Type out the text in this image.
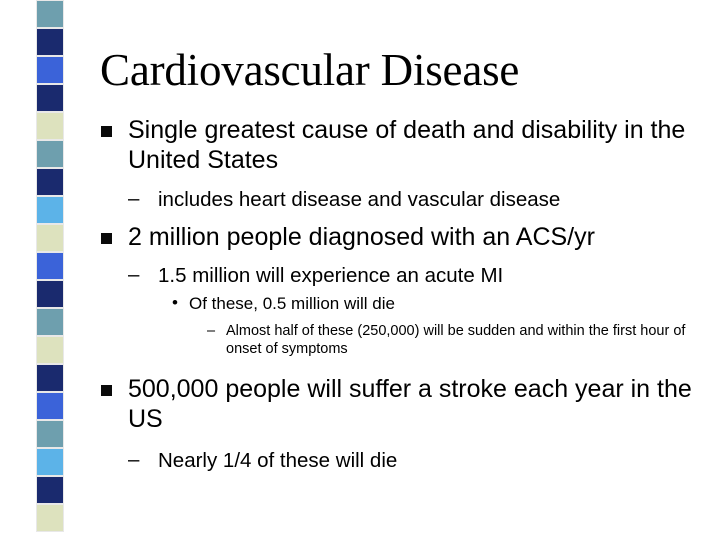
Cardiovascular Disease

Single greatest cause of death and disability in the United States

– includes heart disease and vascular disease

2 million people diagnosed with an ACS/yr

– 1.5 million will experience an acute MI

• Of these, 0.5 million will die

– Almost half of these (250,000) will be sudden and within the first hour of onset of symptoms

500,000 people will suffer a stroke each year in the US

– Nearly 1/4 of these will die
